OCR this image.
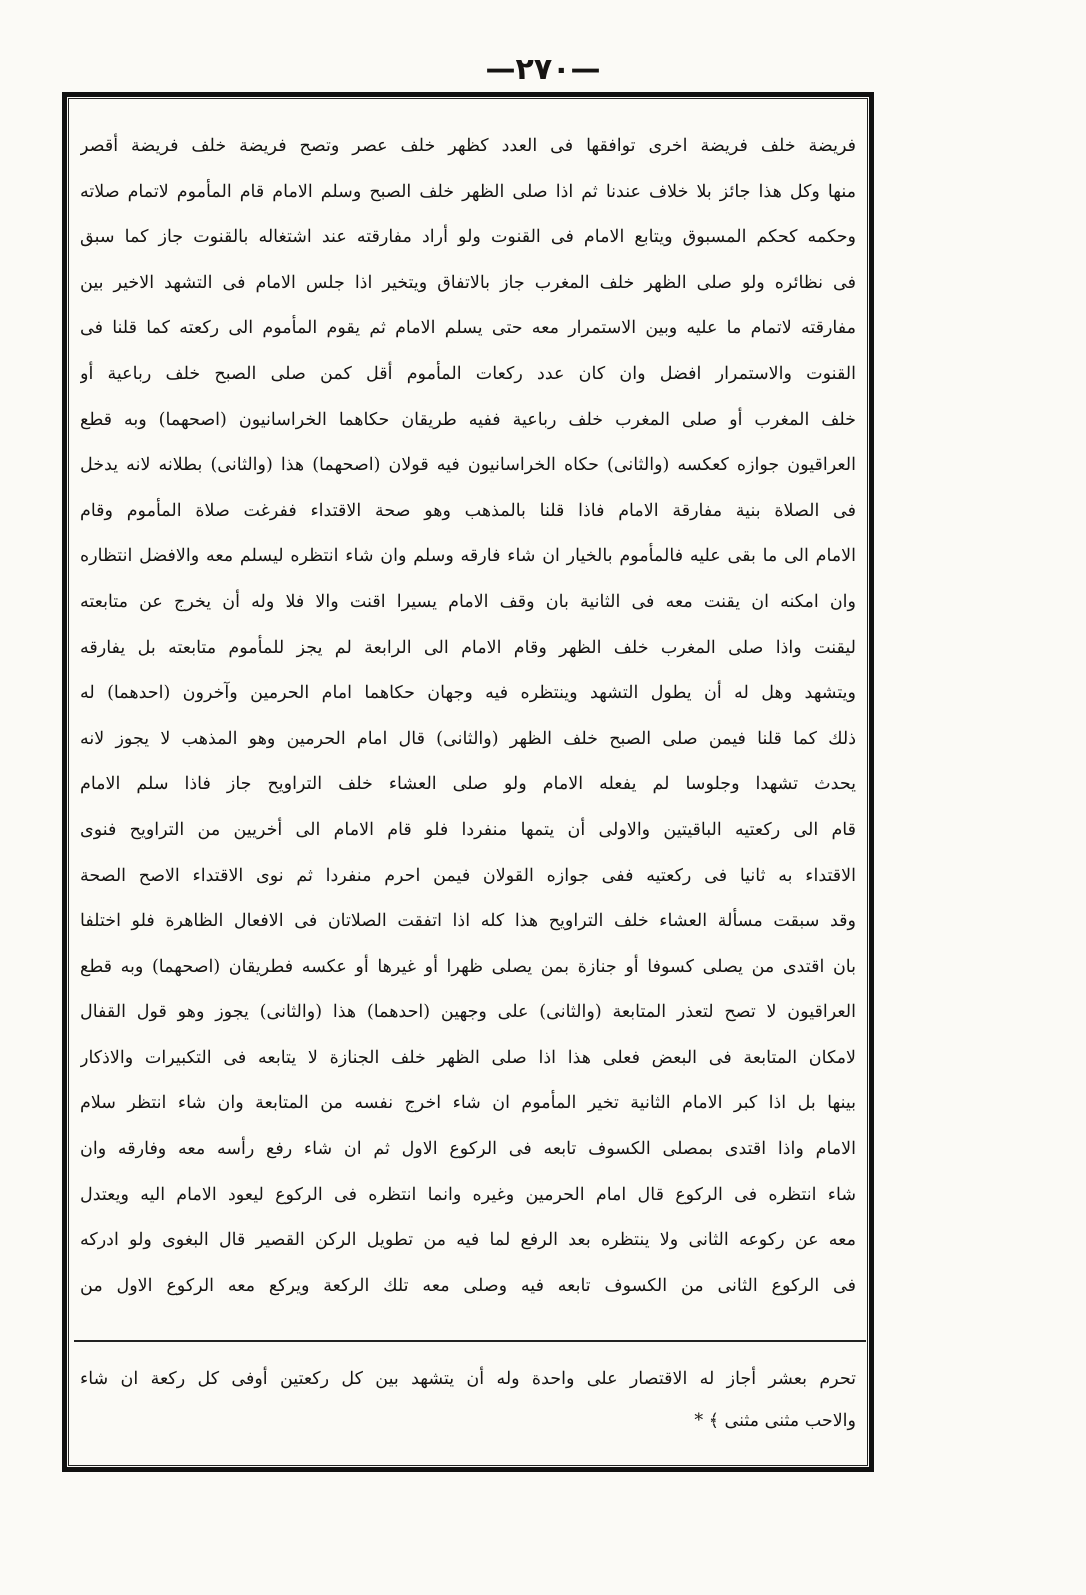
—٢٧٠—
فريضة خلف فريضة اخرى توافقها فى العدد كظهر خلف عصر وتصح فريضة خلف فريضة أقصر
منها وكل هذا جائز بلا خلاف عندنا ثم اذا صلى الظهر خلف الصبح وسلم الامام قام المأموم لاتمام صلاته
وحكمه كحكم المسبوق ويتابع الامام فى القنوت ولو أراد مفارقته عند اشتغاله بالقنوت جاز كما سبق
فى نظائره ولو صلى الظهر خلف المغرب جاز بالاتفاق ويتخير اذا جلس الامام فى التشهد الاخير بين
مفارقته لاتمام ما عليه وبين الاستمرار معه حتى يسلم الامام ثم يقوم المأموم الى ركعته كما قلنا فى
القنوت والاستمرار افضل وان كان عدد ركعات المأموم أقل كمن صلى الصبح خلف رباعية أو
خلف المغرب أو صلى المغرب خلف رباعية ففيه طريقان حكاهما الخراسانيون (اصحهما) وبه قطع
العراقيون جوازه كعكسه (والثانى) حكاه الخراسانيون فيه قولان (اصحهما) هذا (والثانى) بطلانه لانه يدخل
فى الصلاة بنية مفارقة الامام فاذا قلنا بالمذهب وهو صحة الاقتداء ففرغت صلاة المأموم وقام
الامام الى ما بقى عليه فالمأموم بالخيار ان شاء فارقه وسلم وان شاء انتظره ليسلم معه والافضل انتظاره
وان امكنه ان يقنت معه فى الثانية بان وقف الامام يسيرا اقنت والا فلا وله أن يخرج عن متابعته
ليقنت واذا صلى المغرب خلف الظهر وقام الامام الى الرابعة لم يجز للمأموم متابعته بل يفارقه
ويتشهد وهل له أن يطول التشهد وينتظره فيه وجهان حكاهما امام الحرمين وآخرون (احدهما) له
ذلك كما قلنا فيمن صلى الصبح خلف الظهر (والثانى) قال امام الحرمين وهو المذهب لا يجوز لانه
يحدث تشهدا وجلوسا لم يفعله الامام ولو صلى العشاء خلف التراويح جاز فاذا سلم الامام
قام الى ركعتيه الباقيتين والاولى أن يتمها منفردا فلو قام الامام الى أخريين من التراويح فنوى
الاقتداء به ثانيا فى ركعتيه ففى جوازه القولان فيمن احرم منفردا ثم نوى الاقتداء الاصح الصحة
وقد سبقت مسألة العشاء خلف التراويح هذا كله اذا اتفقت الصلاتان فى الافعال الظاهرة فلو اختلفا
بان اقتدى من يصلى كسوفا أو جنازة بمن يصلى ظهرا أو غيرها أو عكسه فطريقان (اصحهما) وبه قطع
العراقيون لا تصح لتعذر المتابعة (والثانى) على وجهين (احدهما) هذا (والثانى) يجوز وهو قول القفال
لامكان المتابعة فى البعض فعلى هذا اذا صلى الظهر خلف الجنازة لا يتابعه فى التكبيرات والاذكار
بينها بل اذا كبر الامام الثانية تخير المأموم ان شاء اخرج نفسه من المتابعة وان شاء انتظر سلام
الامام واذا اقتدى بمصلى الكسوف تابعه فى الركوع الاول ثم ان شاء رفع رأسه معه وفارقه وان
شاء انتظره فى الركوع قال امام الحرمين وغيره وانما انتظره فى الركوع ليعود الامام اليه ويعتدل
معه عن ركوعه الثانى ولا ينتظره بعد الرفع لما فيه من تطويل الركن القصير قال البغوى ولو ادركه
فى الركوع الثانى من الكسوف تابعه فيه وصلى معه تلك الركعة ويركع معه الركوع الاول من
تحرم بعشر أجاز له الاقتصار على واحدة وله أن يتشهد بين كل ركعتين أوفى كل ركعة ان شاء
والاحب مثنى مثنى ﴾ *
